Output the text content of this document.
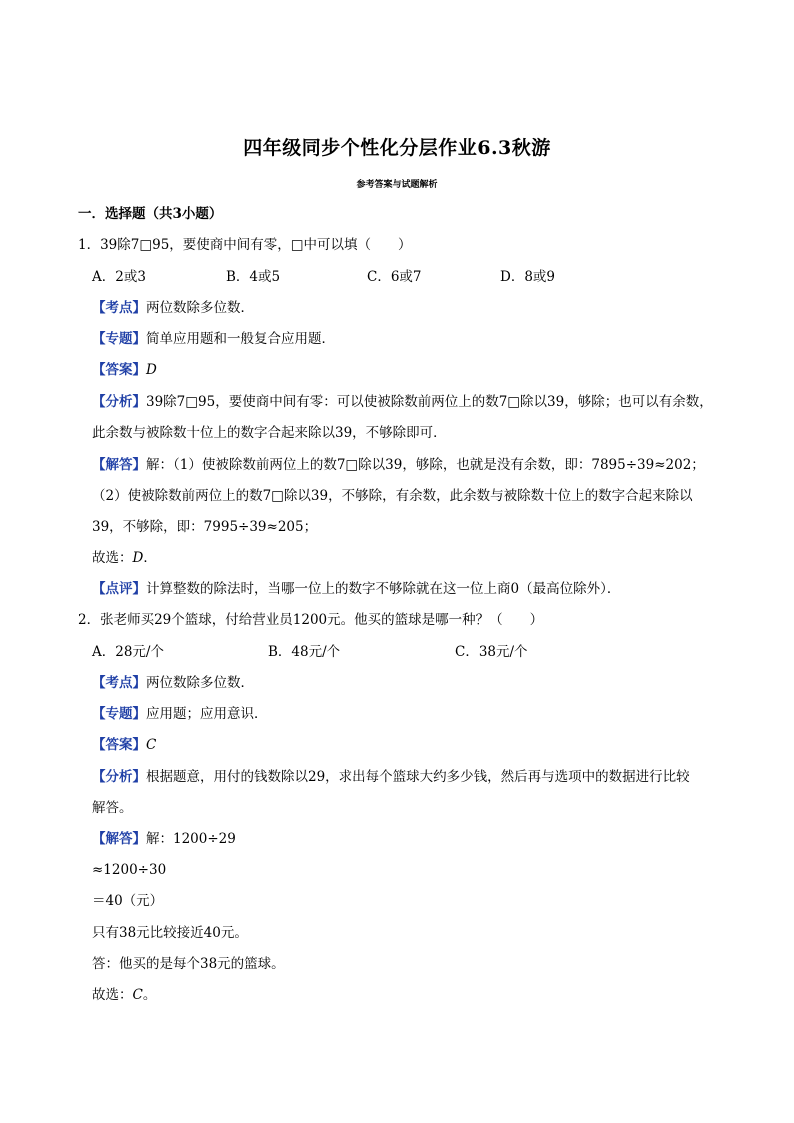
四年级同步个性化分层作业6.3秋游
参考答案与试题解析
一．选择题（共3小题）
1．39除7□95，要使商中间有零，□中可以填（　　）
A．2或3	B．4或5	C．6或7	D．8或9
【考点】两位数除多位数．
【专题】简单应用题和一般复合应用题．
【答案】D
【分析】39除7□95，要使商中间有零：可以使被除数前两位上的数7□除以39，够除；也可以有余数，
此余数与被除数十位上的数字合起来除以39，不够除即可．
【解答】解：（1）使被除数前两位上的数7□除以39，够除，也就是没有余数，即：7895÷39≈202；
（2）使被除数前两位上的数7□除以39，不够除，有余数，此余数与被除数十位上的数字合起来除以
39，不够除，即：7995÷39≈205；
故选：D．
【点评】计算整数的除法时，当哪一位上的数字不够除就在这一位上商0（最高位除外）．
2．张老师买29个篮球，付给营业员1200元。他买的篮球是哪一种？（　　）
A．28元/个	B．48元/个	C．38元/个
【考点】两位数除多位数．
【专题】应用题；应用意识．
【答案】C
【分析】根据题意，用付的钱数除以29，求出每个篮球大约多少钱，然后再与选项中的数据进行比较
解答。
【解答】解：1200÷29
≈1200÷30
＝40（元）
只有38元比较接近40元。
答：他买的是每个38元的篮球。
故选：C。
